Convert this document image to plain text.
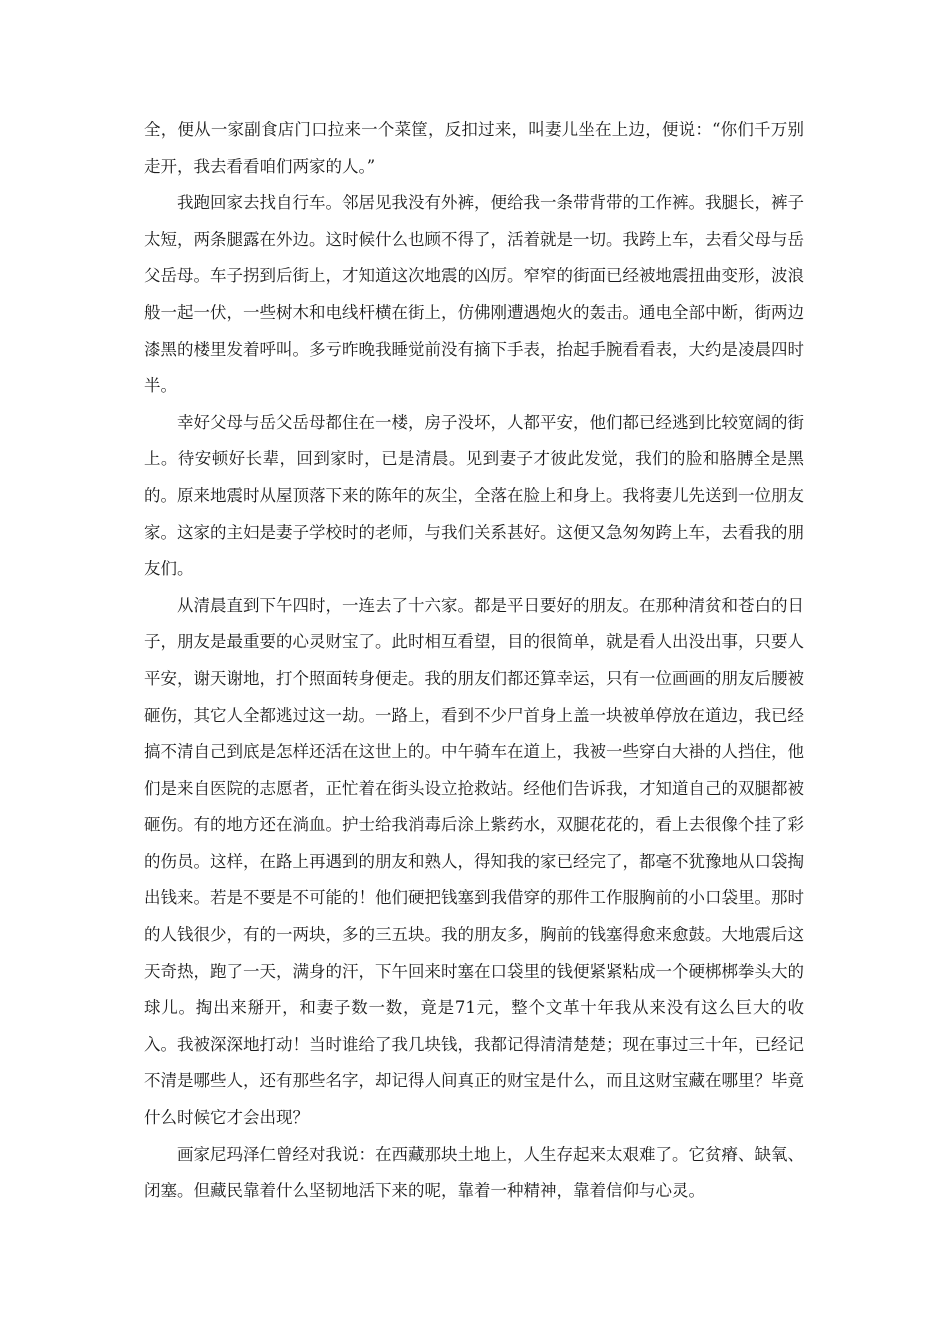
全，便从一家副食店门口拉来一个菜筐，反扣过来，叫妻儿坐在上边，便说：“你们千万别走开，我去看看咱们两家的人。”

我跑回家去找自行车。邻居见我没有外裤，便给我一条带背带的工作裤。我腿长，裤子太短，两条腿露在外边。这时候什么也顾不得了，活着就是一切。我跨上车，去看父母与岳父岳母。车子拐到后街上，才知道这次地震的凶厉。窄窄的街面已经被地震扭曲变形，波浪般一起一伏，一些树木和电线杆横在街上，仿佛刚遭遇炮火的轰击。通电全部中断，街两边漆黑的楼里发着呼叫。多亏昨晚我睡觉前没有摘下手表，抬起手腕看看表，大约是凌晨四时半。

幸好父母与岳父岳母都住在一楼，房子没坏，人都平安，他们都已经逃到比较宽阔的街上。待安顿好长辈，回到家时，已是清晨。见到妻子才彼此发觉，我们的脸和胳膊全是黑的。原来地震时从屋顶落下来的陈年的灰尘，全落在脸上和身上。我将妻儿先送到一位朋友家。这家的主妇是妻子学校时的老师，与我们关系甚好。这便又急匆匆跨上车，去看我的朋友们。

从清晨直到下午四时，一连去了十六家。都是平日要好的朋友。在那种清贫和苍白的日子，朋友是最重要的心灵财宝了。此时相互看望，目的很简单，就是看人出没出事，只要人平安，谢天谢地，打个照面转身便走。我的朋友们都还算幸运，只有一位画画的朋友后腰被砸伤，其它人全都逃过这一劫。一路上，看到不少尸首身上盖一块被单停放在道边，我已经搞不清自己到底是怎样还活在这世上的。中午骑车在道上，我被一些穿白大褂的人挡住，他们是来自医院的志愿者，正忙着在街头设立抢救站。经他们告诉我，才知道自己的双腿都被砸伤。有的地方还在淌血。护士给我消毒后涂上紫药水，双腿花花的，看上去很像个挂了彩的伤员。这样，在路上再遇到的朋友和熟人，得知我的家已经完了，都毫不犹豫地从口袋掏出钱来。若是不要是不可能的！他们硬把钱塞到我借穿的那件工作服胸前的小口袋里。那时的人钱很少，有的一两块，多的三五块。我的朋友多，胸前的钱塞得愈来愈鼓。大地震后这天奇热，跑了一天，满身的汗，下午回来时塞在口袋里的钱便紧紧粘成一个硬梆梆拳头大的球儿。掏出来掰开，和妻子数一数，竟是71元，整个文革十年我从来没有这么巨大的收入。我被深深地打动！当时谁给了我几块钱，我都记得清清楚楚；现在事过三十年，已经记不清是哪些人，还有那些名字，却记得人间真正的财宝是什么，而且这财宝藏在哪里？毕竟什么时候它才会出现？

画家尼玛泽仁曾经对我说：在西藏那块土地上，人生存起来太艰难了。它贫瘠、缺氧、闭塞。但藏民靠着什么坚韧地活下来的呢，靠着一种精神，靠着信仰与心灵。
